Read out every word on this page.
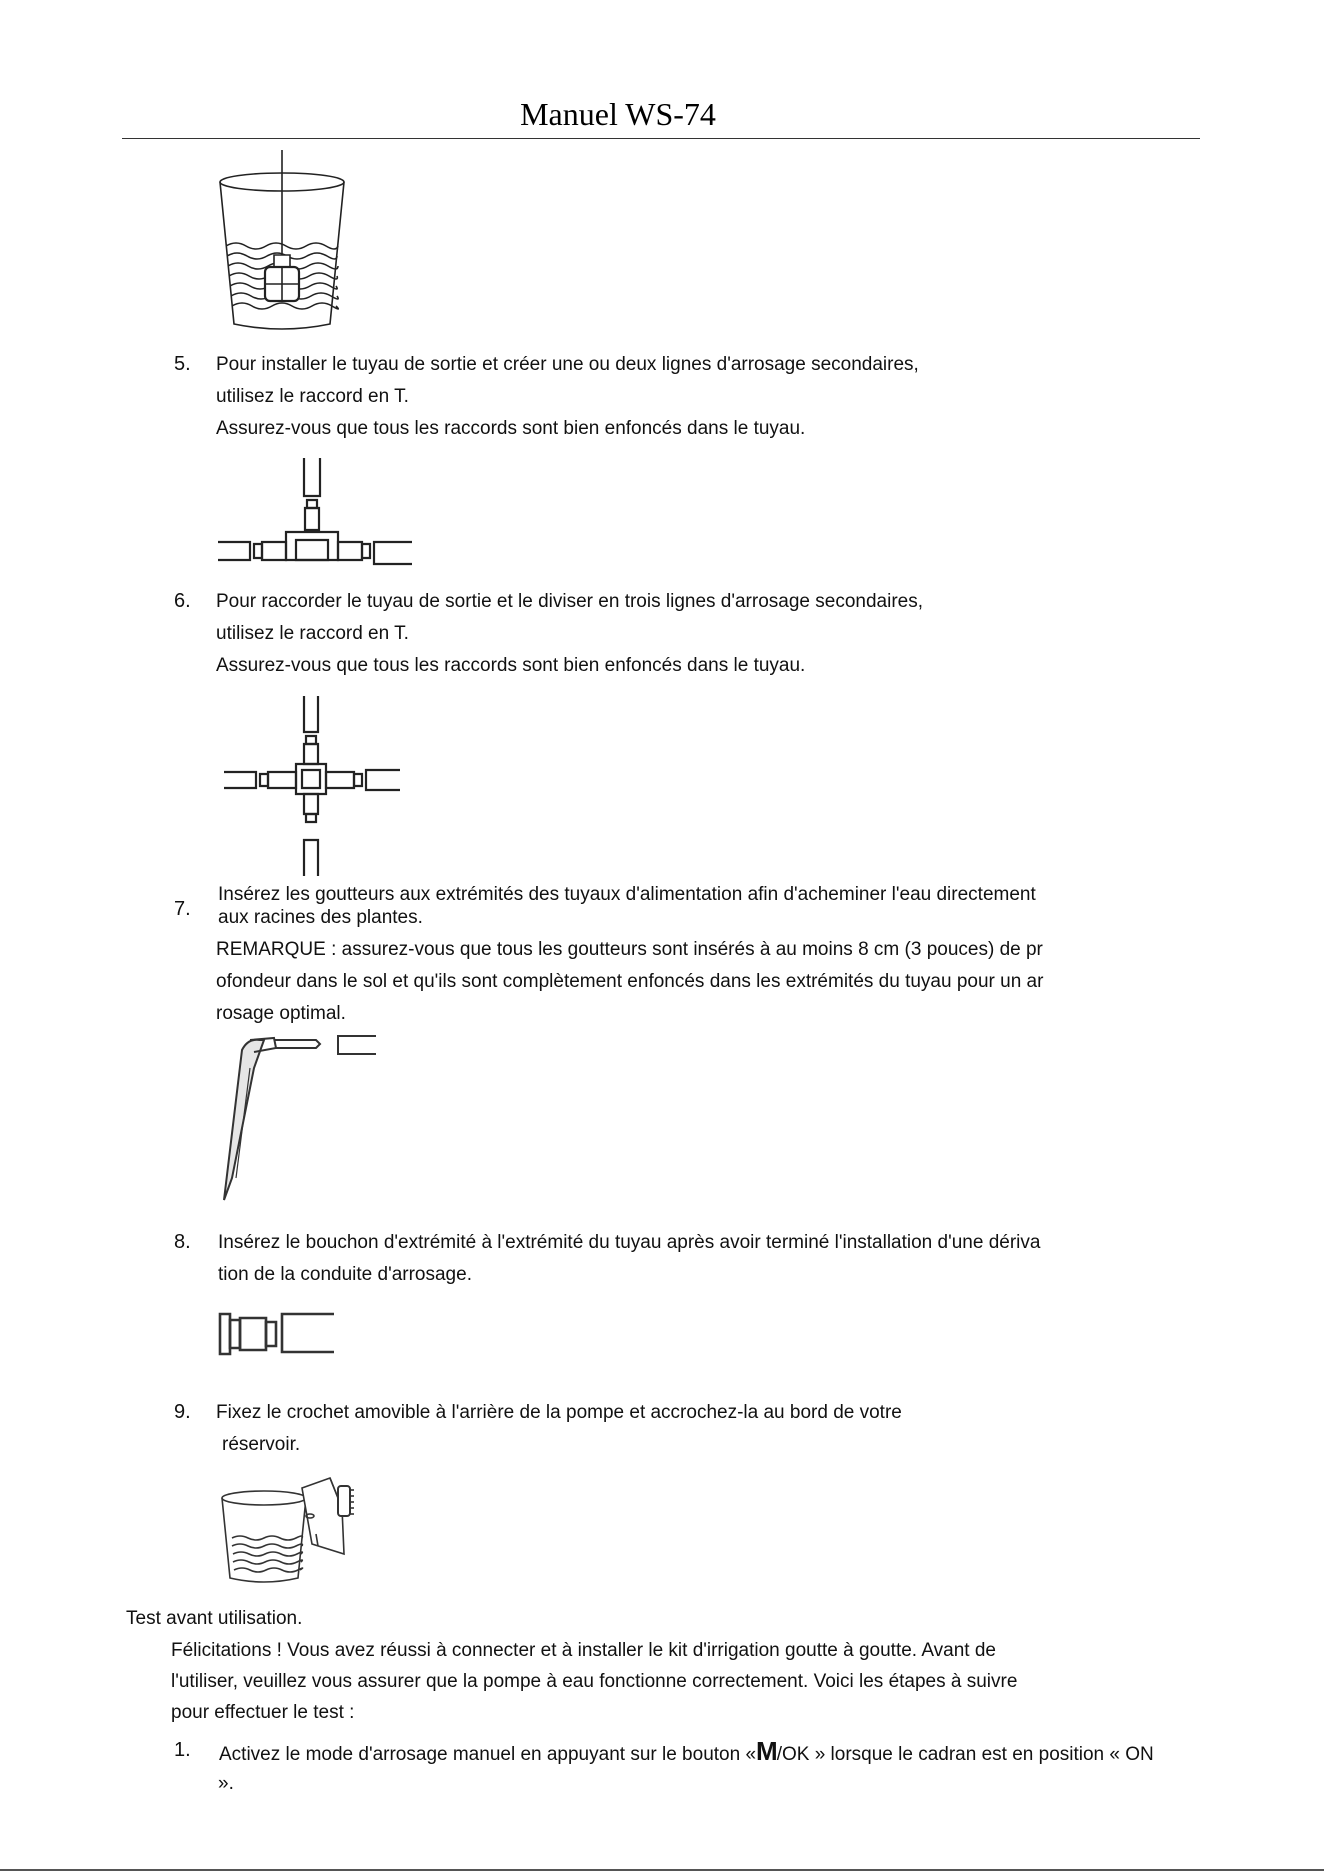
Manuel WS-74
5. Pour installer le tuyau de sortie et créer une ou deux lignes d'arrosage secondaires,
utilisez le raccord en T.
Assurez-vous que tous les raccords sont bien enfoncés dans le tuyau.
6. Pour raccorder le tuyau de sortie et le diviser en trois lignes d'arrosage secondaires,
utilisez le raccord en T.
Assurez-vous que tous les raccords sont bien enfoncés dans le tuyau.
7.
Insérez les goutteurs aux extrémités des tuyaux d'alimentation afin d'acheminer l'eau directement
aux racines des plantes.
REMARQUE : assurez-vous que tous les goutteurs sont insérés à au moins 8 cm (3 pouces) de pr
ofondeur dans le sol et qu'ils sont complètement enfoncés dans les extrémités du tuyau pour un ar
rosage optimal.
8. Insérez le bouchon d'extrémité à l'extrémité du tuyau après avoir terminé l'installation d'une dériva
tion de la conduite d'arrosage.
9. Fixez le crochet amovible à l'arrière de la pompe et accrochez-la au bord de votre
réservoir.
Test avant utilisation.
Félicitations ! Vous avez réussi à connecter et à installer le kit d'irrigation goutte à goutte. Avant de
l'utiliser, veuillez vous assurer que la pompe à eau fonctionne correctement. Voici les étapes à suivre
pour effectuer le test :
1. Activez le mode d'arrosage manuel en appuyant sur le bouton «M/OK » lorsque le cadran est en position « ON
».
